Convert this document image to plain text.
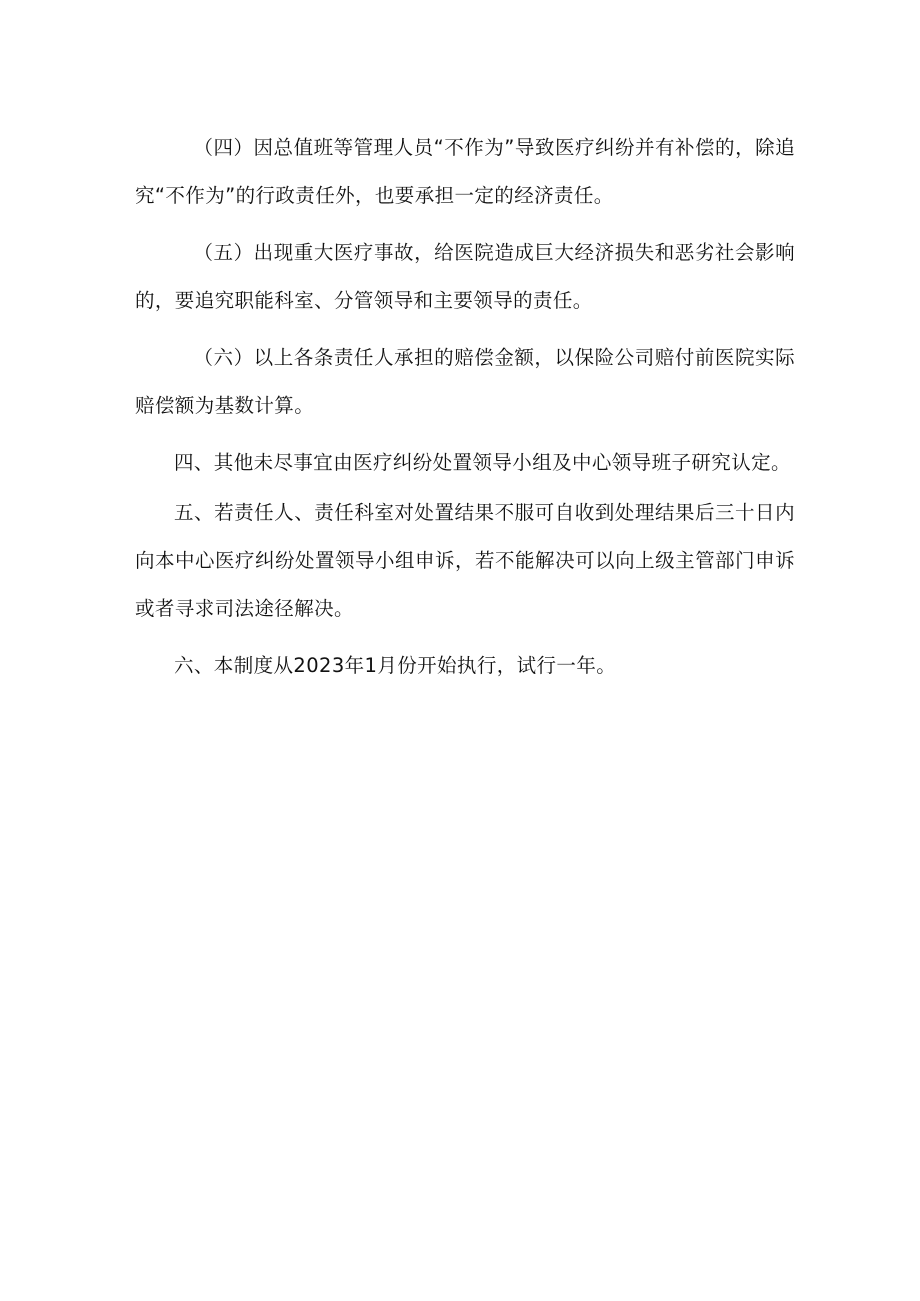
（四）因总值班等管理人员“不作为”导致医疗纠纷并有补偿的，除追究“不作为”的行政责任外，也要承担一定的经济责任。

（五）出现重大医疗事故，给医院造成巨大经济损失和恶劣社会影响的，要追究职能科室、分管领导和主要领导的责任。

（六）以上各条责任人承担的赔偿金额，以保险公司赔付前医院实际赔偿额为基数计算。

四、其他未尽事宜由医疗纠纷处置领导小组及中心领导班子研究认定。

五、若责任人、责任科室对处置结果不服可自收到处理结果后三十日内向本中心医疗纠纷处置领导小组申诉，若不能解决可以向上级主管部门申诉或者寻求司法途径解决。

六、本制度从2023年1月份开始执行，试行一年。
